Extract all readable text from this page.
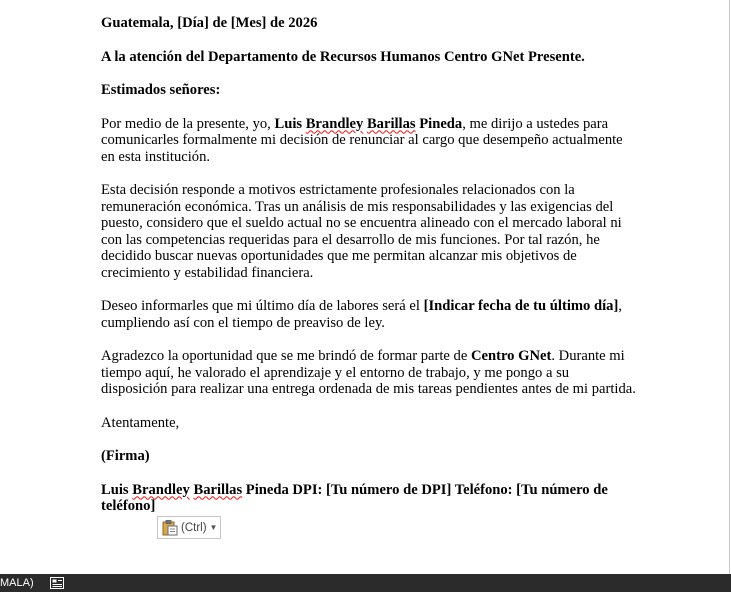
Guatemala, [Día] de [Mes] de 2026

A la atención del Departamento de Recursos Humanos Centro GNet Presente.

Estimados señores:

Por medio de la presente, yo, Luis Brandley Barillas Pineda, me dirijo a ustedes para comunicarles formalmente mi decisión de renunciar al cargo que desempeño actualmente en esta institución.

Esta decisión responde a motivos estrictamente profesionales relacionados con la remuneración económica. Tras un análisis de mis responsabilidades y las exigencias del puesto, considero que el sueldo actual no se encuentra alineado con el mercado laboral ni con las competencias requeridas para el desarrollo de mis funciones. Por tal razón, he decidido buscar nuevas oportunidades que me permitan alcanzar mis objetivos de crecimiento y estabilidad financiera.

Deseo informarles que mi último día de labores será el [Indicar fecha de tu último día], cumpliendo así con el tiempo de preaviso de ley.

Agradezco la oportunidad que se me brindó de formar parte de Centro GNet. Durante mi tiempo aquí, he valorado el aprendizaje y el entorno de trabajo, y me pongo a su disposición para realizar una entrega ordenada de mis tareas pendientes antes de mi partida.

Atentamente,

(Firma)

Luis Brandley Barillas Pineda DPI: [Tu número de DPI] Teléfono: [Tu número de teléfono]

(Ctrl) ▼
MALA)
